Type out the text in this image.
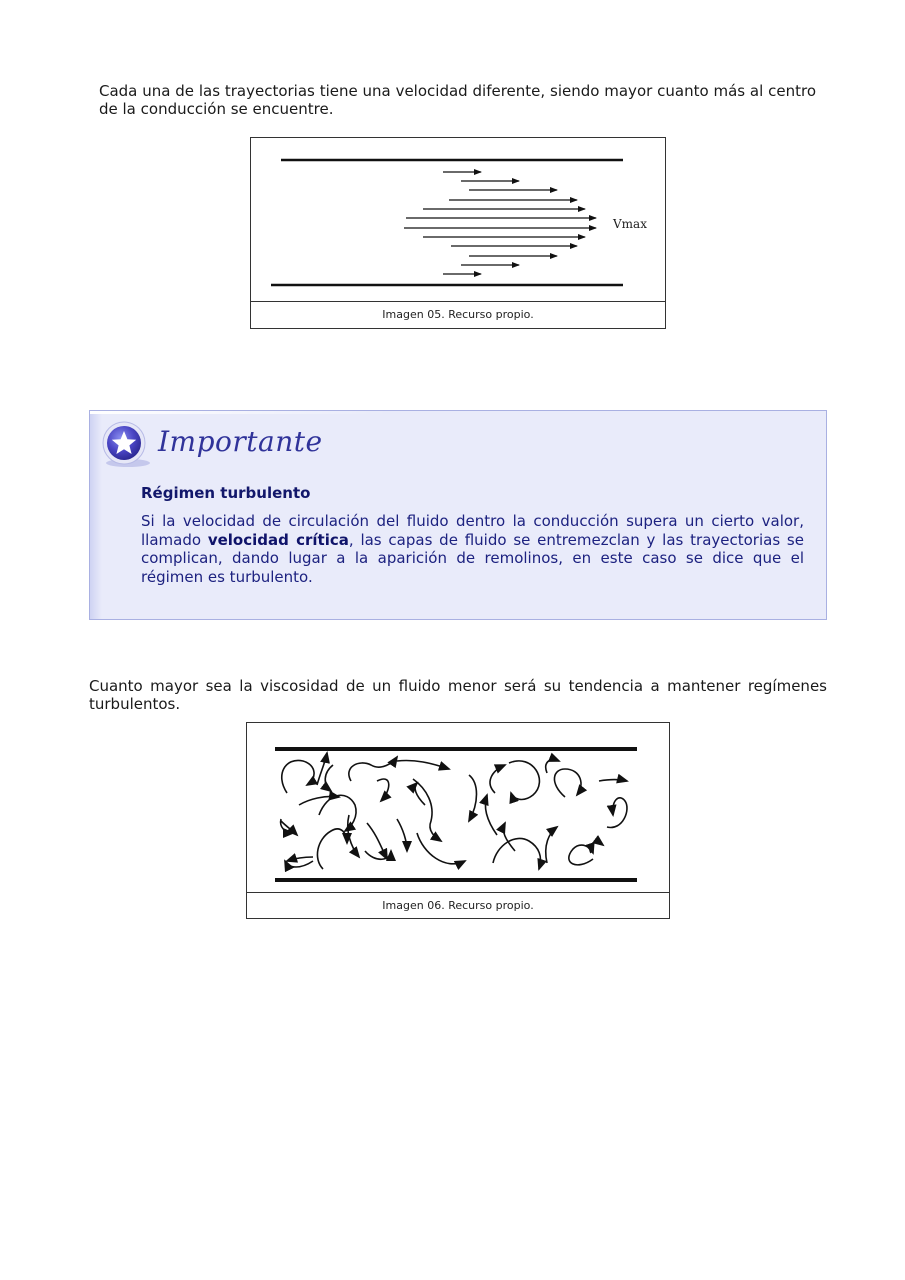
Cada una de las trayectorias tiene una velocidad diferente, siendo mayor cuanto más al centro de la conducción se encuentre.

Vmax
Imagen 05. Recurso propio.
Importante
Régimen turbulento

Si la velocidad de circulación del fluido dentro la conducción supera un cierto valor, llamado velocidad crítica, las capas de fluido se entremezclan y las trayectorias se complican, dando lugar a la aparición de remolinos, en este caso se dice que el régimen es turbulento.

Cuanto mayor sea la viscosidad de un fluido menor será su tendencia a mantener regímenes turbulentos.

Imagen 06. Recurso propio.
